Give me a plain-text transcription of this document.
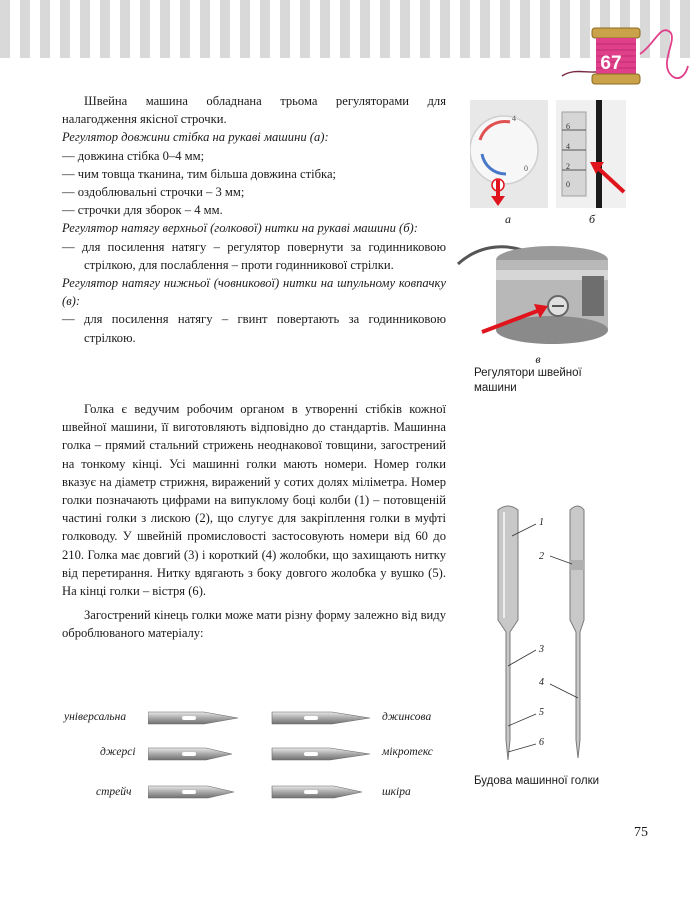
67

Швейна машина обладнана трьома регуляторами для налагодження якісної строчки.

Регулятор довжини стібка на рукаві машини (а):

— довжина стібка 0–4 мм;

— чим товща тканина, тим більша довжина стібка;

— оздоблювальні строчки – 3 мм;

— строчки для зборок – 4 мм.

Регулятор натягу верхньої (голкової) нитки на рукаві машини (б):

— для посилення натягу – регулятор повернути за годинниковою стрілкою, для послаблення – проти годинникової стрілки.

Регулятор натягу нижньої (човникової) нитки на шпульному ковпачку (в):

— для посилення натягу – гвинт повертають за годинниковою стрілкою.

Голка є ведучим робочим органом в утворенні стібків кожної швейної машини, її виготовляють відповідно до стандартів. Машинна голка – прямий стальний стрижень неоднакової товщини, загострений на тонкому кінці. Усі машинні голки мають номери. Номер голки вказує на діаметр стрижня, виражений у сотих долях міліметра. Номер голки позначають цифрами на випуклому боці колби (1) – потовщеній частині голки з лискою (2), що слугує для закріплення голки в муфті голководу. У швейній промисловості застосовують номери від 60 до 210. Голка має довгий (3) і короткий (4) жолобки, що захищають нитку від перетирання. Нитку вдягають з боку довгого жолобка у вушко (5). На кінці голки – вістря (6).

Загострений кінець голки може мати різну форму залежно від виду оброблюваного матеріалу:

4
0
6
4
2
0
а	б
в
Регулятори швейної машини
1
2
3
4
5
6
Будова машинної голки
універсальна
джерсі
стрейч
джинсова
мікротекс
шкіра
75
